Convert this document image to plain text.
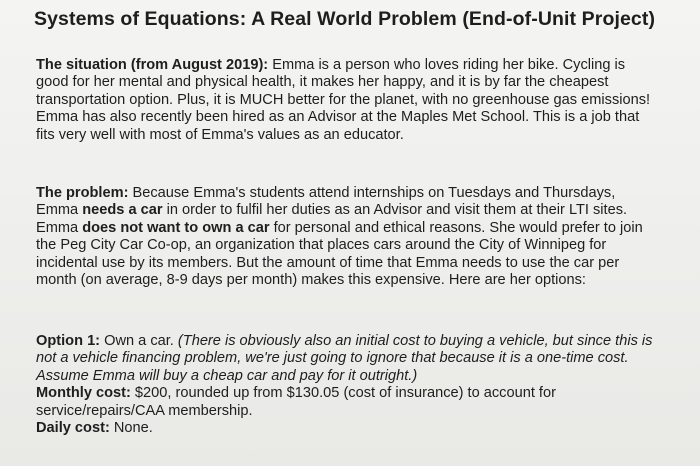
Systems of Equations: A Real World Problem (End-of-Unit Project)

The situation (from August 2019): Emma is a person who loves riding her bike. Cycling is
good for her mental and physical health, it makes her happy, and it is by far the cheapest
transportation option. Plus, it is MUCH better for the planet, with no greenhouse gas emissions!
Emma has also recently been hired as an Advisor at the Maples Met School. This is a job that
fits very well with most of Emma's values as an educator.

The problem: Because Emma's students attend internships on Tuesdays and Thursdays,
Emma needs a car in order to fulfil her duties as an Advisor and visit them at their LTI sites.
Emma does not want to own a car for personal and ethical reasons. She would prefer to join
the Peg City Car Co-op, an organization that places cars around the City of Winnipeg for
incidental use by its members. But the amount of time that Emma needs to use the car per
month (on average, 8-9 days per month) makes this expensive. Here are her options:

Option 1: Own a car. (There is obviously also an initial cost to buying a vehicle, but since this is
not a vehicle financing problem, we're just going to ignore that because it is a one-time cost.
Assume Emma will buy a cheap car and pay for it outright.)
Monthly cost: $200, rounded up from $130.05 (cost of insurance) to account for
service/repairs/CAA membership.
Daily cost: None.
